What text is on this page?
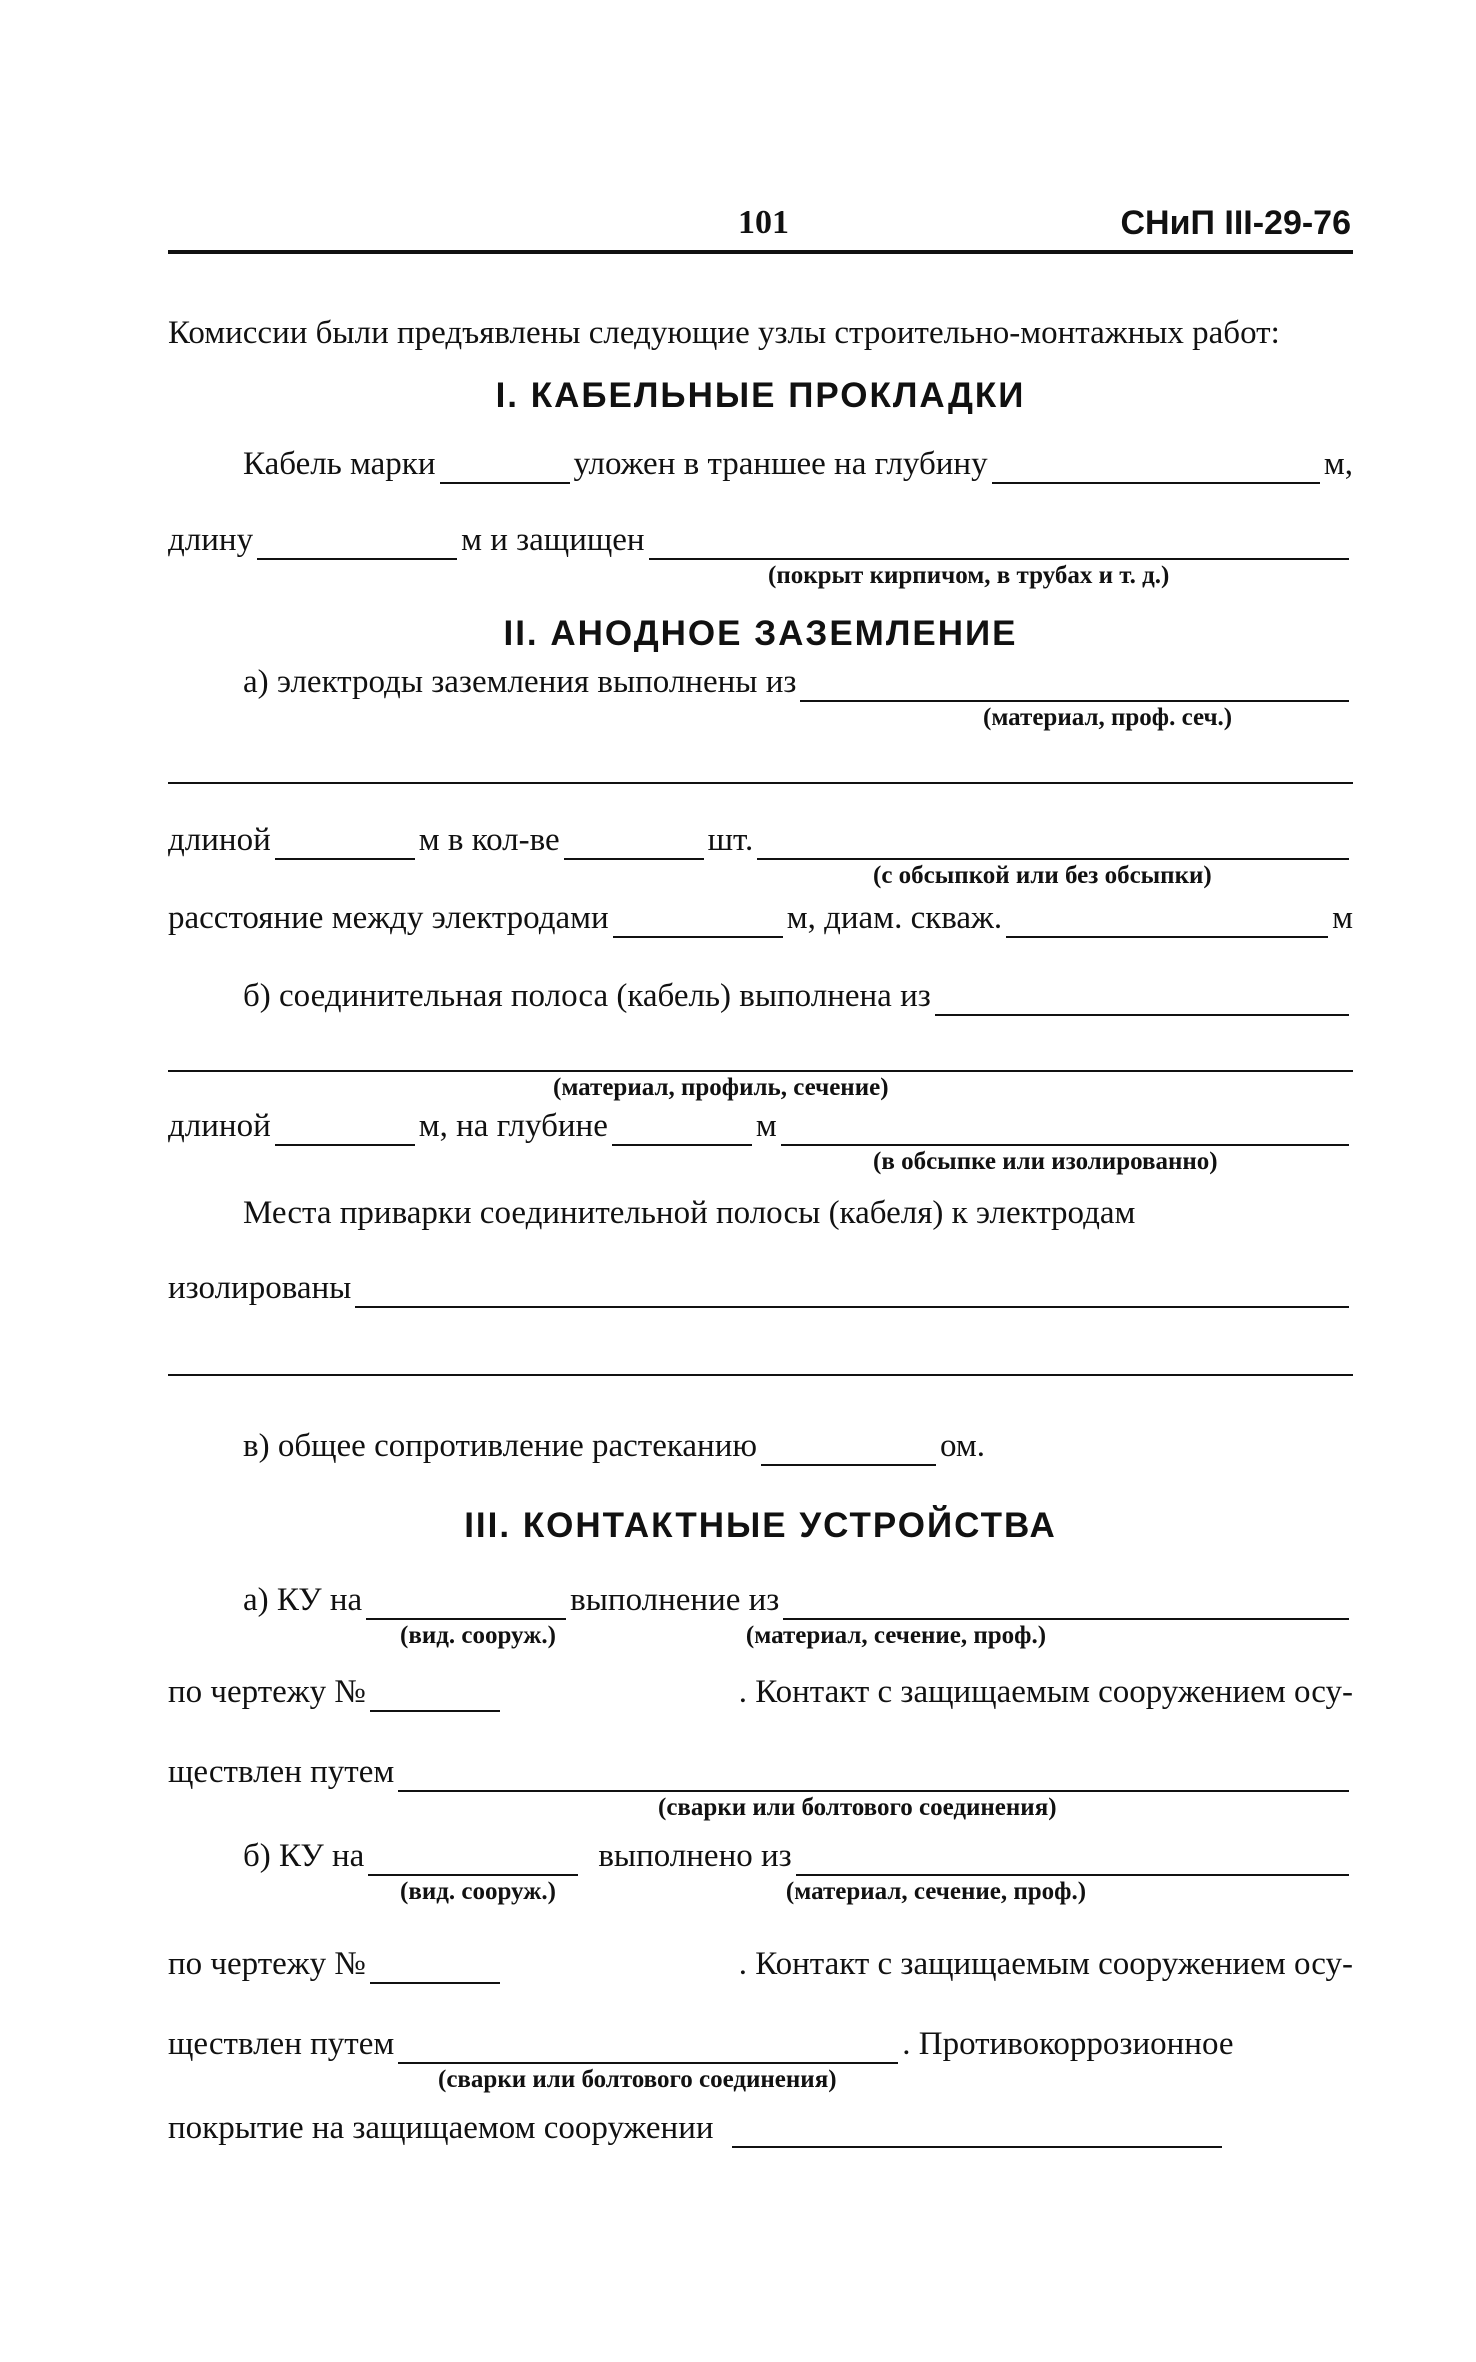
101	СНиП III-29-76
Комиссии были предъявлены следующие узлы строительно-монтажных работ:
I. КАБЕЛЬНЫЕ ПРОКЛАДКИ
Кабель марки	уложен в траншее на глубину	м,
длину	м и защищен
(покрыт кирпичом, в трубах и т. д.)
II. АНОДНОЕ ЗАЗЕМЛЕНИЕ
а) электроды заземления выполнены из
(материал, проф. сеч.)
длиной	м в кол-ве	шт.
(с обсыпкой или без обсыпки)
расстояние между электродами	м, диам. скваж.	м
б) соединительная полоса (кабель) выполнена из
(материал, профиль, сечение)
длиной	м, на глубине	м
(в обсыпке или изолированно)
Места приварки соединительной полосы (кабеля) к электродам
изолированы
в) общее сопротивление растеканию	ом.
III. КОНТАКТНЫЕ УСТРОЙСТВА
а) КУ на	выполнение из
(вид. сооруж.)	(материал, сечение, проф.)
по чертежу №	. Контакт с защищаемым сооружением осу-
ществлен путем
(сварки или болтового соединения)
б) КУ на	выполнено из
(вид. сооруж.)	(материал, сечение, проф.)
по чертежу №	. Контакт с защищаемым сооружением осу-
ществлен путем	. Противокоррозионное
(сварки или болтового соединения)
покрытие на защищаемом сооружении
